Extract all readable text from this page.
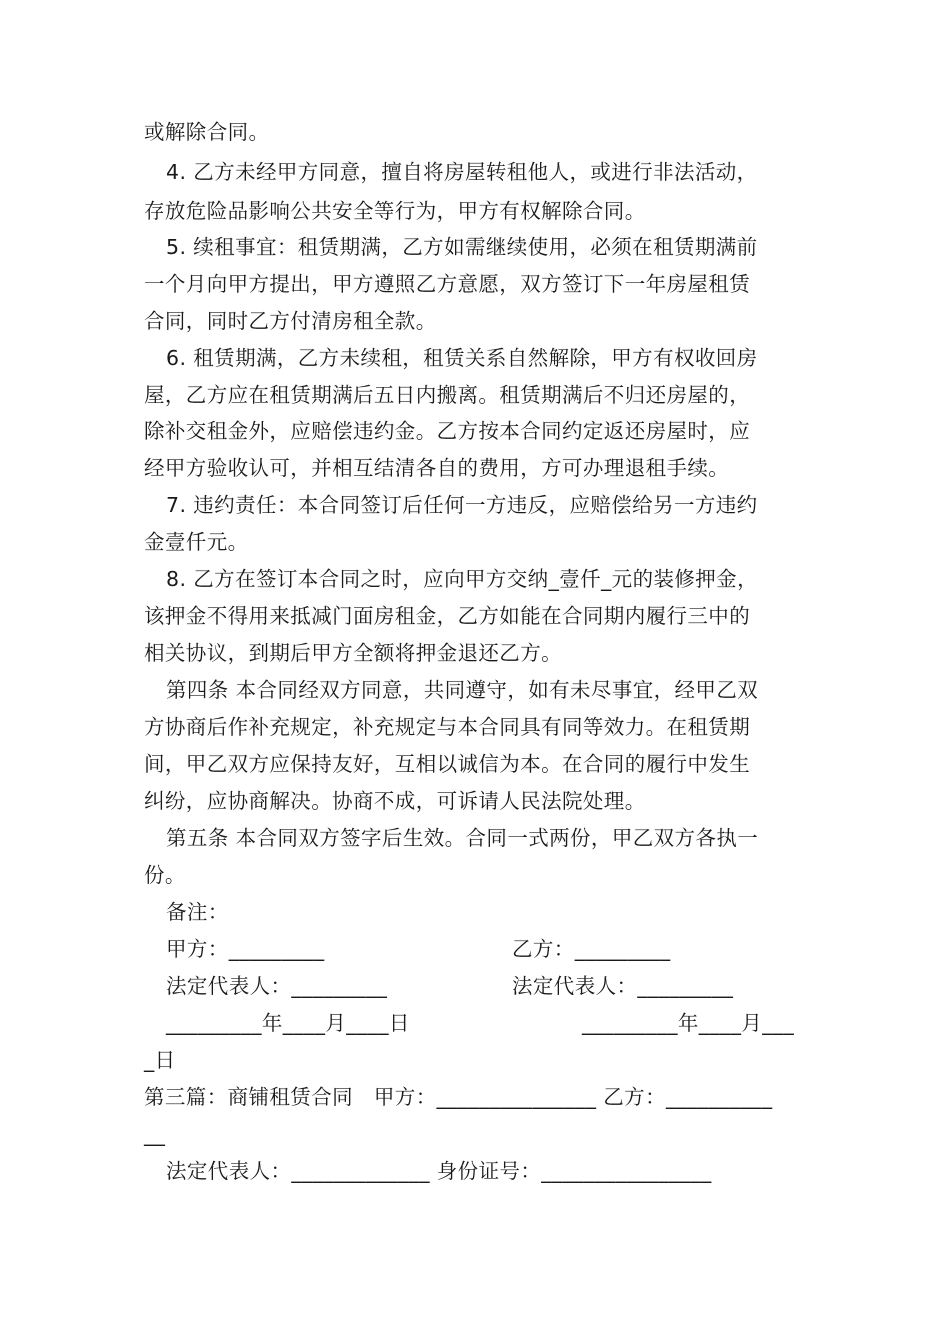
或解除合同。
4. 乙方未经甲方同意，擅自将房屋转租他人，或进行非法活动，
存放危险品影响公共安全等行为，甲方有权解除合同。
5. 续租事宜：租赁期满，乙方如需继续使用，必须在租赁期满前
一个月向甲方提出，甲方遵照乙方意愿，双方签订下一年房屋租赁
合同，同时乙方付清房租全款。
6. 租赁期满，乙方未续租，租赁关系自然解除，甲方有权收回房
屋，乙方应在租赁期满后五日内搬离。租赁期满后不归还房屋的，
除补交租金外，应赔偿违约金。乙方按本合同约定返还房屋时，应
经甲方验收认可，并相互结清各自的费用，方可办理退租手续。
7. 违约责任：本合同签订后任何一方违反，应赔偿给另一方违约
金壹仟元。
8. 乙方在签订本合同之时，应向甲方交纳_壹仟_元的装修押金，
该押金不得用来抵减门面房租金，乙方如能在合同期内履行三中的
相关协议，到期后甲方全额将押金退还乙方。
第四条 本合同经双方同意，共同遵守，如有未尽事宜，经甲乙双
方协商后作补充规定，补充规定与本合同具有同等效力。在租赁期
间，甲乙双方应保持友好，互相以诚信为本。在合同的履行中发生
纠纷，应协商解决。协商不成，可诉请人民法院处理。
第五条 本合同双方签字后生效。合同一式两份，甲乙双方各执一
份。
备注：
甲方：_________	乙方：_________
法定代表人：_________	法定代表人：_________
_________年____月____日	_________年____月___
_日
第三篇：商铺租赁合同　甲方：_______________ 乙方：__________
__
法定代表人：_____________ 身份证号：________________
